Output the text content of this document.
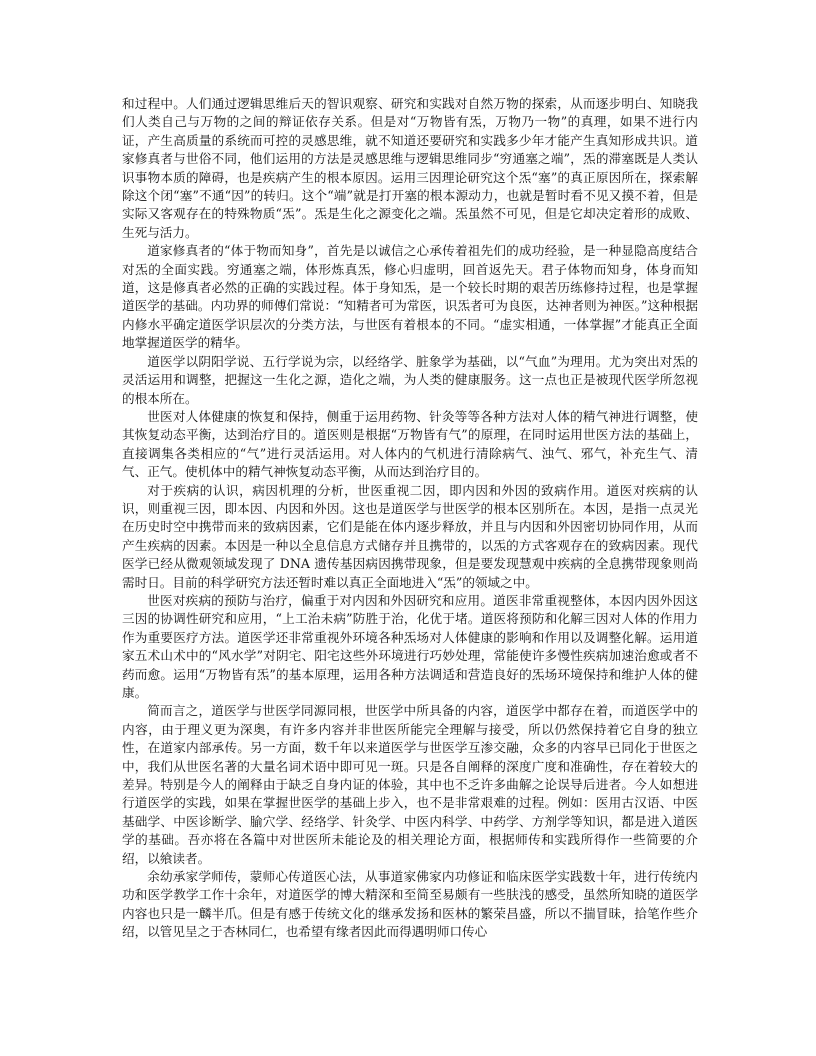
和过程中。人们通过逻辑思维后天的智识观察、研究和实践对自然万物的探索，从而逐步明白、知晓我们人类自己与万物的之间的辩证依存关系。但是对“万物皆有炁，万物乃一物”的真理，如果不进行内证，产生高质量的系统而可控的灵感思维，就不知道还要研究和实践多少年才能产生真知形成共识。道家修真者与世俗不同，他们运用的方法是灵感思维与逻辑思维同步“穷通塞之端”，炁的滞塞既是人类认识事物本质的障碍，也是疾病产生的根本原因。运用三因理论研究这个炁“塞”的真正原因所在，探索解除这个闭“塞”不通“因”的转归。这个“端”就是打开塞的根本源动力，也就是暂时看不见又摸不着，但是实际又客观存在的特殊物质“炁”。炁是生化之源变化之端。炁虽然不可见，但是它却决定着形的成败、生死与活力。

道家修真者的“体于物而知身”，首先是以诚信之心承传着祖先们的成功经验，是一种显隐高度结合对炁的全面实践。穷通塞之端，体形炼真炁，修心归虚明，回首返先天。君子体物而知身，体身而知道，这是修真者必然的正确的实践过程。体于身知炁，是一个较长时期的艰苦历练修持过程，也是掌握道医学的基础。内功界的师傅们常说：“知精者可为常医，识炁者可为良医，达神者则为神医。”这种根据内修水平确定道医学识层次的分类方法，与世医有着根本的不同。“虚实相通，一体掌握”才能真正全面地掌握道医学的精华。

道医学以阴阳学说、五行学说为宗，以经络学、脏象学为基础，以“气血”为理用。尤为突出对炁的灵活运用和调整，把握这一生化之源，造化之端，为人类的健康服务。这一点也正是被现代医学所忽视的根本所在。

世医对人体健康的恢复和保持，侧重于运用药物、针灸等等各种方法对人体的精气神进行调整，使其恢复动态平衡，达到治疗目的。道医则是根据“万物皆有气”的原理，在同时运用世医方法的基础上，直接调集各类相应的“气”进行灵活运用。对人体内的气机进行清除病气、浊气、邪气，补充生气、清气、正气。使机体中的精气神恢复动态平衡，从而达到治疗目的。

对于疾病的认识，病因机理的分析，世医重视二因，即内因和外因的致病作用。道医对疾病的认识，则重视三因，即本因、内因和外因。这也是道医学与世医学的根本区别所在。本因，是指一点灵光在历史时空中携带而来的致病因素，它们是能在体内逐步释放，并且与内因和外因密切协同作用，从而产生疾病的因素。本因是一种以全息信息方式储存并且携带的，以炁的方式客观存在的致病因素。现代医学已经从微观领域发现了 DNA 遗传基因病因携带现象，但是要发现慧观中疾病的全息携带现象则尚需时日。目前的科学研究方法还暂时难以真正全面地进入“炁”的领域之中。

世医对疾病的预防与治疗，偏重于对内因和外因研究和应用。道医非常重视整体，本因内因外因这三因的协调性研究和应用，“上工治未病”防胜于治，化优于堵。道医将预防和化解三因对人体的作用力作为重要医疗方法。道医学还非常重视外环境各种炁场对人体健康的影响和作用以及调整化解。运用道家五术山术中的“风水学”对阴宅、阳宅这些外环境进行巧妙处理，常能使许多慢性疾病加速治愈或者不药而愈。运用“万物皆有炁”的基本原理，运用各种方法调适和营造良好的炁场环境保持和维护人体的健康。

简而言之，道医学与世医学同源同根，世医学中所具备的内容，道医学中都存在着，而道医学中的内容，由于理义更为深奥，有许多内容并非世医所能完全理解与接受，所以仍然保持着它自身的独立性，在道家内部承传。另一方面，数千年以来道医学与世医学互渗交融，众多的内容早已同化于世医之中，我们从世医名著的大量名词术语中即可见一斑。只是各自阐释的深度广度和准确性，存在着较大的差异。特别是今人的阐释由于缺乏自身内证的体验，其中也不乏许多曲解之论误导后进者。今人如想进行道医学的实践，如果在掌握世医学的基础上步入，也不是非常艰难的过程。例如：医用古汉语、中医基础学、中医诊断学、腧穴学、经络学、针灸学、中医内科学、中药学、方剂学等知识，都是进入道医学的基础。吾亦将在各篇中对世医所未能论及的相关理论方面，根据师传和实践所得作一些简要的介绍，以飨读者。

余幼承家学师传，蒙师心传道医心法，从事道家佛家内功修证和临床医学实践数十年，进行传统内功和医学教学工作十余年，对道医学的博大精深和至简至易颇有一些肤浅的感受，虽然所知晓的道医学内容也只是一麟半爪。但是有感于传统文化的继承发扬和医林的繁荣昌盛，所以不揣冒昧，拾笔作些介绍，以管见呈之于杏林同仁，也希望有缘者因此而得遇明师口传心
